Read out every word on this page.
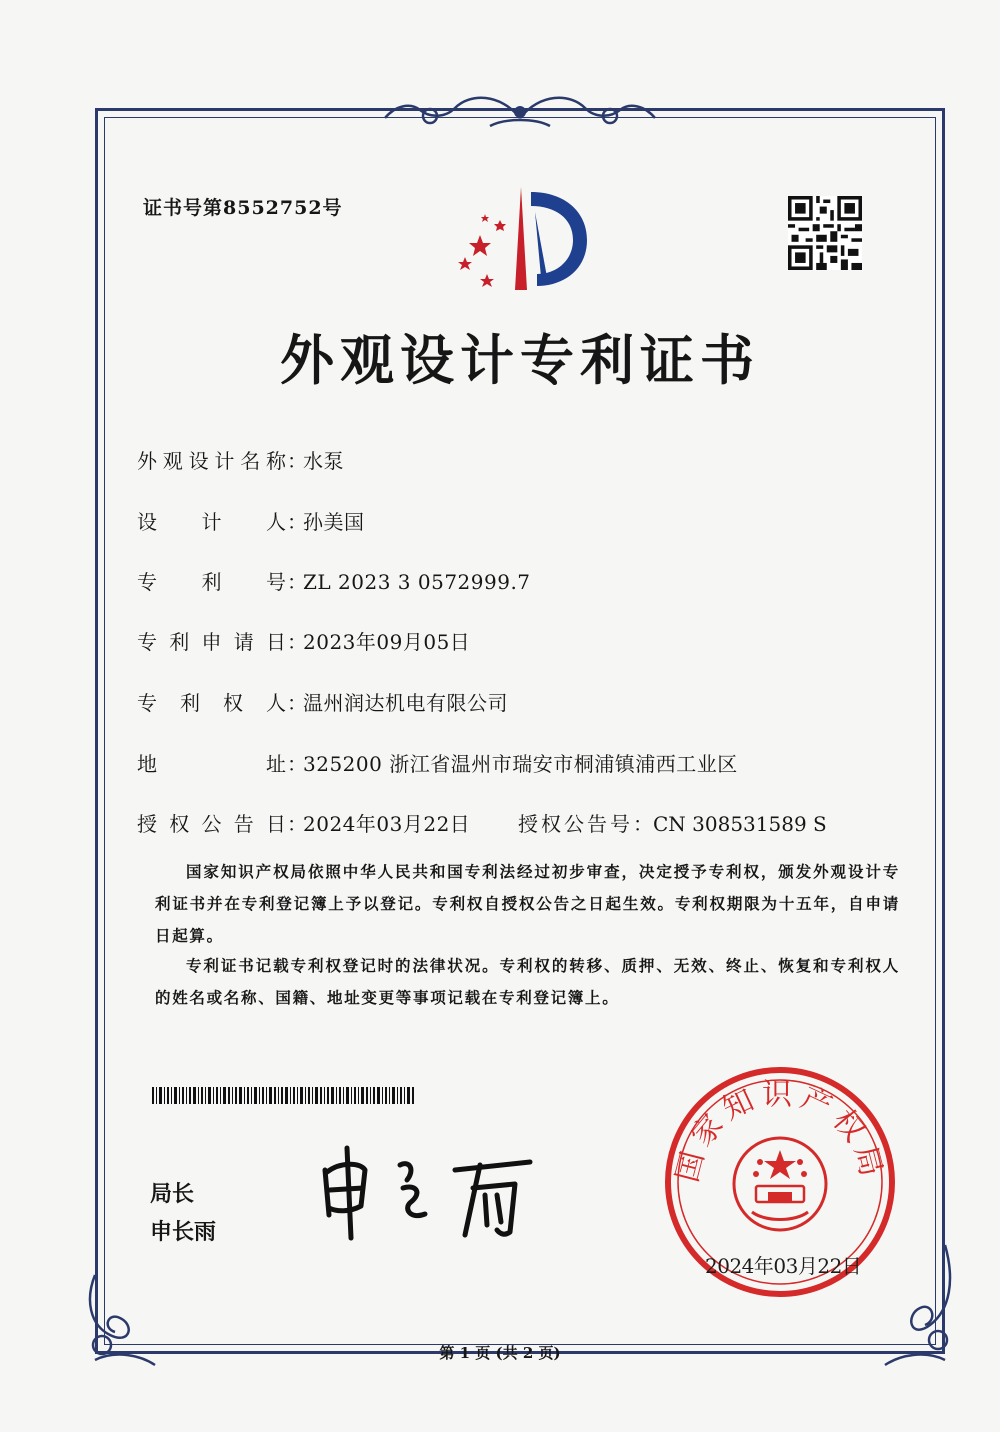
证书号第8552752号
外观设计专利证书
外观设计名称：水泵
设计人：孙美国
专利号：ZL 2023 3 0572999.7
专利申请日：2023年09月05日
专利权人：温州润达机电有限公司
地址：325200 浙江省温州市瑞安市桐浦镇浦西工业区
授权公告日：2024年03月22日 授权公告号：CN 308531589 S
国家知识产权局依照中华人民共和国专利法经过初步审查，决定授予专利权，颁发外观设计专利证书并在专利登记簿上予以登记。专利权自授权公告之日起生效。专利权期限为十五年，自申请日起算。
专利证书记载专利权登记时的法律状况。专利权的转移、质押、无效、终止、恢复和专利权人的姓名或名称、国籍、地址变更等事项记载在专利登记簿上。
局长
申长雨
国家知识产权局
2024年03月22日
第 1 页 (共 2 页)
